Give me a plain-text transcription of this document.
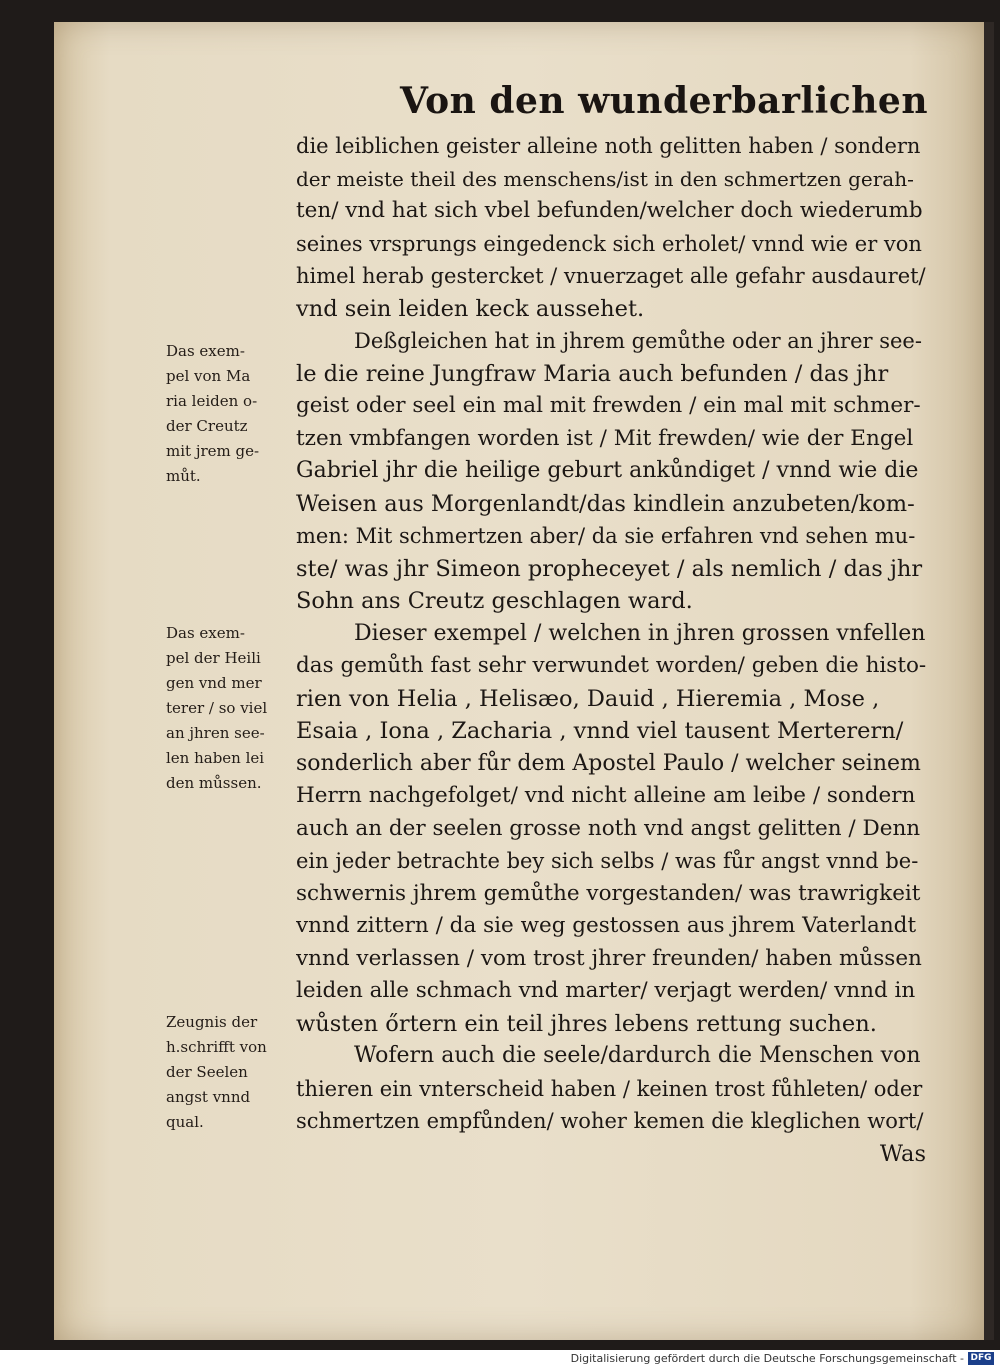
Von den wunderbarlichen
die leiblichen geister alleine noth gelitten haben / sondern
der meiste theil des menschens/ist in den schmertzen gerah-
ten/ vnd hat sich vbel befunden/welcher doch wiederumb
seines vrsprungs eingedenck sich erholet/ vnnd wie er von
himel herab gestercket / vnuerzaget alle gefahr ausdauret/
vnd sein leiden keck aussehet.
Deßgleichen hat in jhrem gemůthe oder an jhrer see-
le die reine Jungfraw Maria auch befunden / das jhr
geist oder seel ein mal mit frewden / ein mal mit schmer-
tzen vmbfangen worden ist / Mit frewden/ wie der Engel
Gabriel jhr die heilige geburt ankůndiget / vnnd wie die
Weisen aus Morgenlandt/das kindlein anzubeten/kom-
men: Mit schmertzen aber/ da sie erfahren vnd sehen mu-
ste/ was jhr Simeon propheceyet / als nemlich / das jhr
Sohn ans Creutz geschlagen ward.
Dieser exempel / welchen in jhren grossen vnfellen
das gemůth fast sehr verwundet worden/ geben die histo-
rien von Helia , Helisæo, Dauid , Hieremia , Mose ,
Esaia , Iona , Zacharia , vnnd viel tausent Merterern/
sonderlich aber fůr dem Apostel Paulo / welcher seinem
Herrn nachgefolget/ vnd nicht alleine am leibe / sondern
auch an der seelen grosse noth vnd angst gelitten / Denn
ein jeder betrachte bey sich selbs / was fůr angst vnnd be-
schwernis jhrem gemůthe vorgestanden/ was trawrigkeit
vnnd zittern / da sie weg gestossen aus jhrem Vaterlandt
vnnd verlassen / vom trost jhrer freunden/ haben můssen
leiden alle schmach vnd marter/ verjagt werden/ vnnd in
wůsten őrtern ein teil jhres lebens rettung suchen.
Wofern auch die seele/dardurch die Menschen von
thieren ein vnterscheid haben / keinen trost fůhleten/ oder
schmertzen empfůnden/ woher kemen die kleglichen wort/
Was
Das exem-
pel von Ma
ria leiden o-
der Creutz
mit jrem ge-
můt.
Das exem-
pel der Heili
gen vnd mer
terer / so viel
an jhren see-
len haben lei
den můssen.
Zeugnis der
h.schrifft von
der Seelen
angst vnnd
qual.
Digitalisierung gefördert durch die Deutsche Forschungsgemeinschaft - DFG
